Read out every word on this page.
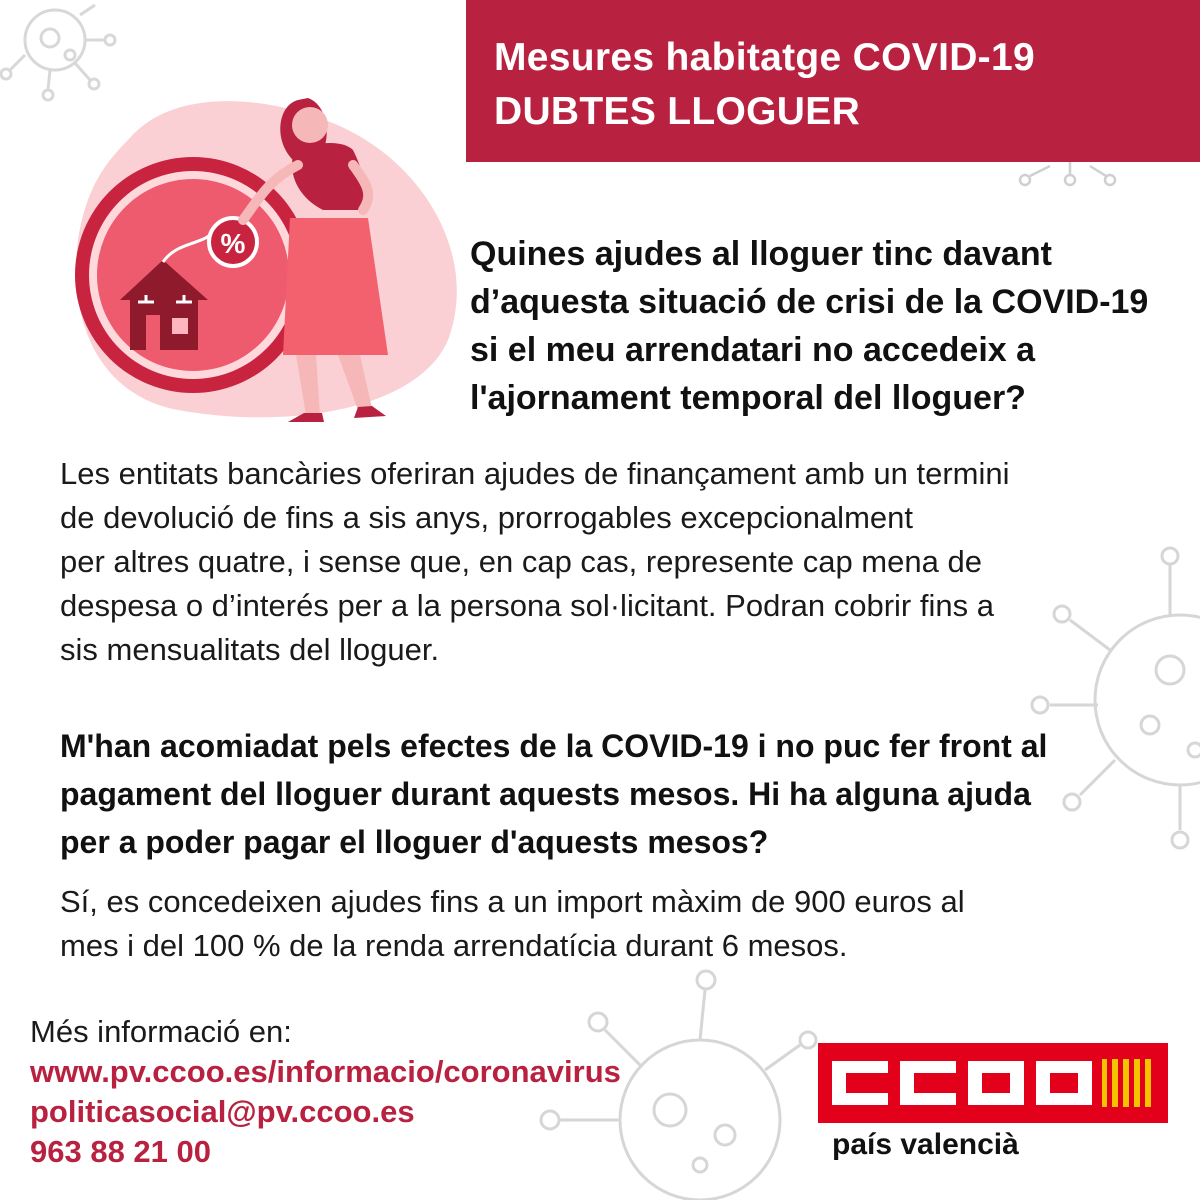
Mesures habitatge COVID-19
DUBTES LLOGUER
%	Quines ajudes al lloguer tinc davant
d’aquesta situació de crisi de la COVID-19
si el meu arrendatari no accedeix a
l'ajornament temporal del lloguer?
Les entitats bancàries oferiran ajudes de finançament amb un termini
de devolució de fins a sis anys, prorrogables excepcionalment
per altres quatre, i sense que, en cap cas, represente cap mena de
despesa o d’interés per a la persona sol·licitant. Podran cobrir fins a
sis mensualitats del lloguer.
M'han acomiadat pels efectes de la COVID-19 i no puc fer front al
pagament del lloguer durant aquests mesos. Hi ha alguna ajuda
per a poder pagar el lloguer d'aquests mesos?
Sí, es concedeixen ajudes fins a un import màxim de 900 euros al
mes i del 100 % de la renda arrendatícia durant 6 mesos.
Més informació en:
www.pv.ccoo.es/informacio/coronavirus
politicasocial@pv.ccoo.es
963 88 21 00	país valencià
